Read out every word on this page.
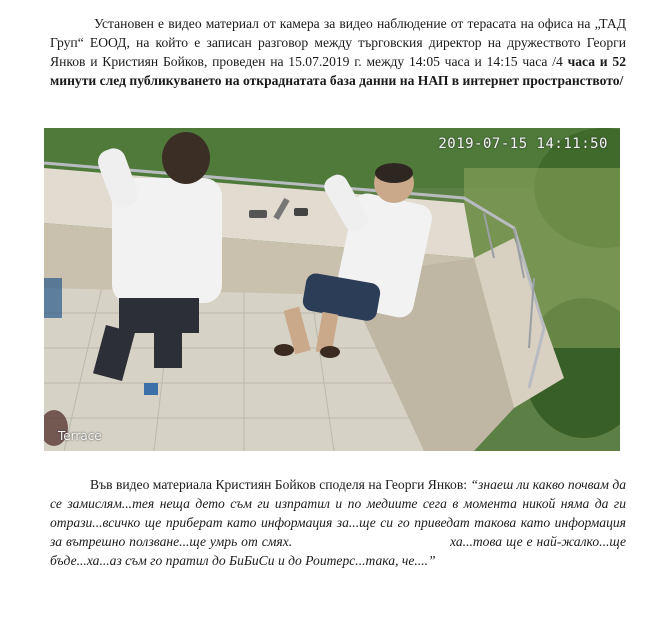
Установен е видео материал от камера за видео наблюдение от терасата на офиса на „ТАД Груп“ ЕООД, на който е записан разговор между търговския директор на дружеството Георги Янков и Кристиян Бойков, проведен на 15.07.2019 г. между 14:05 часа и 14:15 часа /4 часа и 52 минути след публикуването на откраднатата база данни на НАП в интернет пространството/
2019-07-15 14:11:50
Terrace
Във видео материала Кристиян Бойков споделя на Георги Янков: “знаеш ли какво почвам да се замислям...тея неща дето съм ги изпратил и по медиите сега в момента никой няма да ги отрази...всичко ще приберат като информация за...ще си го приведат такова като информация за вътрешно ползване...ще умрь от смях.	ха...това ще е най-жалко...ще бъде...ха...аз съм го пратил до БиБиСи и до Роитерс...така, че....”
